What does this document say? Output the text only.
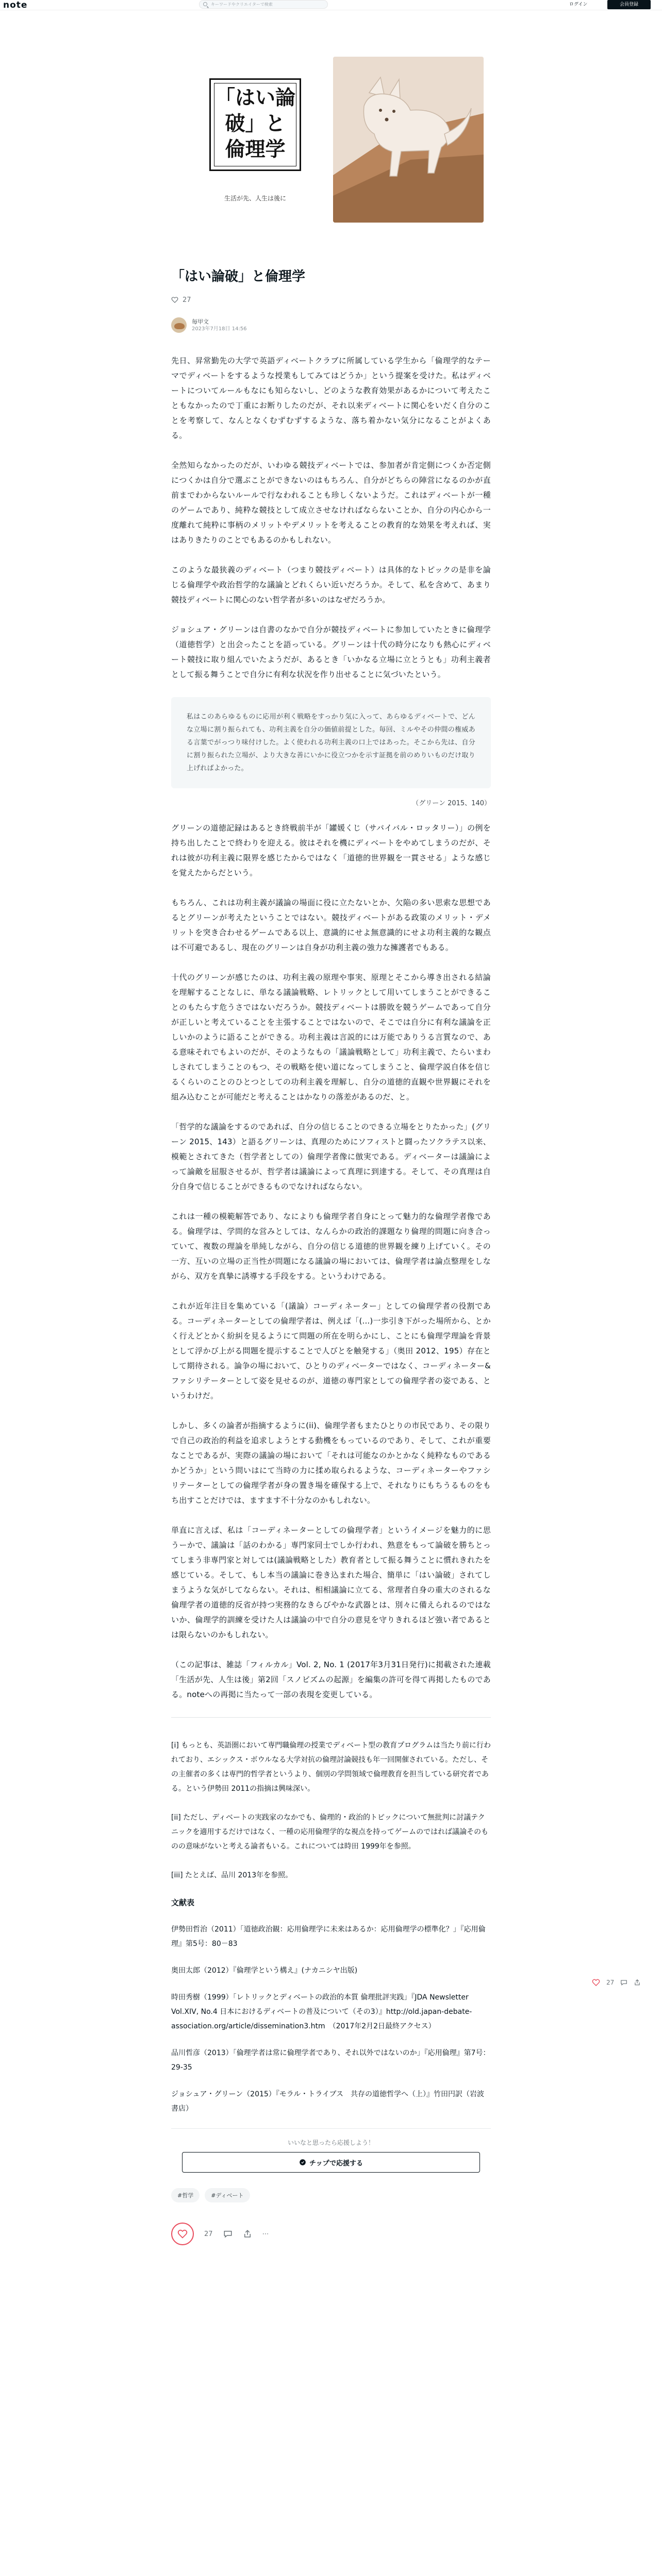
note	キーワードやクリエイターで検索	ログイン	会員登録
「はい論
破」と
倫理学
生活が先、人生は後に
「はい論破」と倫理学
27
毎甲文
2023年7月18日 14:56

先日、昇常勤先の大学で英語ディベートクラブに所属している学生から「倫理学的なテーマでディベートをするような授業もしてみてはどうか」という提案を受けた。私はディベートについてルールもなにも知らないし、どのような教育効果があるかについて考えたこともなかったので丁重にお断りしたのだが、それ以来ディベートに関心をいだく自分のことを考察して、なんとなくむずむずするような、落ち着かない気分になることがよくある。

全然知らなかったのだが、いわゆる競技ディベートでは、参加者が肯定側につくか否定側につくかは自分で選ぶことができないのはもちろん、自分がどちらの陣営になるのかが直前までわからないルールで行なわれることも珍しくないようだ。これはディベートが一種のゲームであり、純粋な競技として成立させなければならないことか、自分の内心から一度離れて純粋に事柄のメリットやデメリットを考えることの教育的な効果を考えれば、実はありきたりのことでもあるのかもしれない。

このような最狭義のディベート（つまり競技ディベート）は具体的なトピックの是非を論じる倫理学や政治哲学的な議論とどれくらい近いだろうか。そして、私を含めて、あまり競技ディベートに関心のない哲学者が多いのはなぜだろうか。

ジョシュア・グリーンは自書のなかで自分が競技ディベートに参加していたときに倫理学（道徳哲学）と出会ったことを語っている。グリーンは十代の時分になりも熱心にディベート競技に取り組んでいたようだが、あるとき「いかなる立場に立とうとも」功利主義者として振る舞うことで自分に有利な状況を作り出せることに気づいたという。

私はこのあらゆるものに応用が利く戦略をすっかり気に入って、あらゆるディベートで、どんな立場に割り振られても、功利主義を自分の価値前提とした。毎回、ミルやその仲間の権威ある言葉でがっつり味付けした。よく使われる功利主義の口上ではあった。そこから先は、自分に割り振られた立場が、より大きな善にいかに役立つかを示す証拠を前のめりいものだけ取り上げればよかった。

（グリーン 2015、140）

グリーンの道徳記録はあるとき終戦前半が「罐媛くじ（サバイバル・ロッタリー）」の例を持ち出したことで終わりを迎える。彼はそれを機にディベートをやめてしまうのだが、それは彼が功利主義に限界を感じたからではなく「道徳的世界観を一貫させる」ような感じを覚えたからだという。

もちろん、これは功利主義が議論の場面に役に立たないとか、欠陥の多い思索な思想であるとグリーンが考えたということではない。競技ディベートがある政策のメリット・デメリットを突き合わせるゲームである以上、意識的にせよ無意識的にせよ功利主義的な観点は不可避であるし、現在のグリーンは自身が功利主義の強力な擁護者でもある。

十代のグリーンが感じたのは、功利主義の原理や事実、原理とそこから導き出される結論を理解することなしに、単なる議論戦略、レトリックとして用いてしまうことができることのもたらす危うさではないだろうか。競技ディベートは勝敗を競うゲームであって自分が正しいと考えていることを主張することではないので、そこでは自分に有利な議論を正しいかのように語ることができる。功利主義は言説的には万能でありうる言質なので、ある意味それでもよいのだが、そのようなもの「議論戦略として」功利主義で、たらいまわしされてしまうことのもつ、その戦略を使い道になってしまうこと、倫理学説自体を信じるくらいのことのひとつとしての功利主義を理解し、自分の道徳的直観や世界観にそれを組み込むことが可能だと考えることはかなりの落差があるのだ、と。

「哲学的な議論をするのであれば、自分の信じることのできる立場をとりたかった」(グリーン 2015、143）と語るグリーンは、真理のためにソフィストと闘ったソクラテス以来、模範とされてきた（哲学者としての）倫理学者像に倣実である。ディベーターは議論によって論敵を屈服させるが、哲学者は議論によって真理に到達する。そして、その真理は自分自身で信じることができるものでなければならない。

これは一種の模範解答であり、なによりも倫理学者自身にとって魅力的な倫理学者像である。倫理学は、学問的な営みとしては、なんらかの政治的課題なり倫理的問題に向き合っていて、複数の理論を単純しながら、自分の信じる道徳的世界観を練り上げていく。その一方、互いの立場の正当性が問題になる議論の場においては、倫理学者は論点整理をしながら、双方を真摯に誘導する手段をする。というわけである。

これが近年注目を集めている「(議論）コーディネーター」としての倫理学者の役割である。コーディネーターとしての倫理学者は、例えば「(...)一歩引き下がった場所から、とかく行えどとかく紛糾を見るようにて問題の所在を明らかにし、ことにも倫理学理論を背景として浮かび上がる問題を提示することで人びとを触発する」（奥田 2012、195）存在として期待される。論争の場において、ひとりのディベーターではなく、コーディネーター&ファシリテーターとして姿を見せるのが、道徳の専門家としての倫理学者の姿である、というわけだ。

しかし、多くの論者が指摘するように(ii)、倫理学者もまたひとりの市民であり、その限りで自己の政治的利益を追求しようとする動機をもっているのであり、そして、これが重要なことであるが、実際の議論の場において「それは可能なのかとかなく純粋なものであるかどうか」という問いはにて当時の力に揉め取られるような、コーディネーターやファシリテーターとしての倫理学者が身の置き場を確保する上で、それなりにもちうるものをもち出すことだけでは、ますます不十分なのかもしれない。

単直に言えば、私は「コーディネーターとしての倫理学者」というイメージを魅力的に思うーかで、議論は「話のわかる」専門家同士でしか行われ、熟意をもって論破を勝ちとってしまう非専門家と対しては(議論戦略とした）教育者として振る舞うことに慣れきれたを感じている。そして、もし本当の議論に巻き込まれた場合、簡単に「はい論破」されてしまうような気がしてならない。それは、相相議論に立てる、常理者自身の重大のされるな倫理学者の道徳的反省が持つ実務的なきらびやかな武器とは、別々に備えられるのではないか、倫理学的訓練を受けた人は議論の中で自分の意見を守りきれるほど強い者であるとは限らないのかもしれない。

（この記事は、雑誌「フィルカル」Vol. 2, No. 1 (2017年3月31日発行)に掲載された連載「生活が先、人生は後」第2回「スノビズムの起源」を編集の許可を得て再掲したものである。noteへの再掲に当たって一部の表現を変更している。

[i] もっとも、英語圏において専門職倫理の授業でディベート型の教育プログラムは当たり前に行われており、エシックス・ボウルなる大学対抗の倫理討論競技も年一回開催されている。ただし、その主催者の多くは専門的哲学者というより、個別の学問領域で倫理教育を担当している研究者である。という伊勢田 2011の指摘は興味深い。

[ii] ただし、ディベートの実践家のなかでも、倫理的・政治的トピックについて無批判に討議テクニックを適用するだけではなく、一種の応用倫理学的な視点を持ってゲームのではれば議論そのものの意味がないと考える論者もいる。これについては時田 1999年を参照。

[iii] たとえば、品川 2013年を参照。

文献表

伊勢田哲治（2011）「道徳政治観：応用倫理学に未来はあるか：応用倫理学の標準化？」『応用倫理』第5号：80－83

奥田太郎（2012）『倫理学という構え』(ナカニシヤ出版)

時田秀樹（1999）「レトリックとディベートの政治的本質 倫理批評実践」『JDA Newsletter Vol.XIV, No.4 日本におけるディベートの普及について（その3）』http://old.japan-debate-association.org/article/dissemination3.htm　（2017年2月2日最終アクセス）

品川哲彦（2013）「倫理学者は常に倫理学者であり、それ以外ではないのか」『応用倫理』第7号：29-35

ジョシュア・グリーン（2015）『モラル・トライブス　共存の道徳哲学へ（上）』竹田円訳（岩波書店）

いいなと思ったら応援しよう！
チップで応援する
#哲学	#ディベート
27	⋯
27
